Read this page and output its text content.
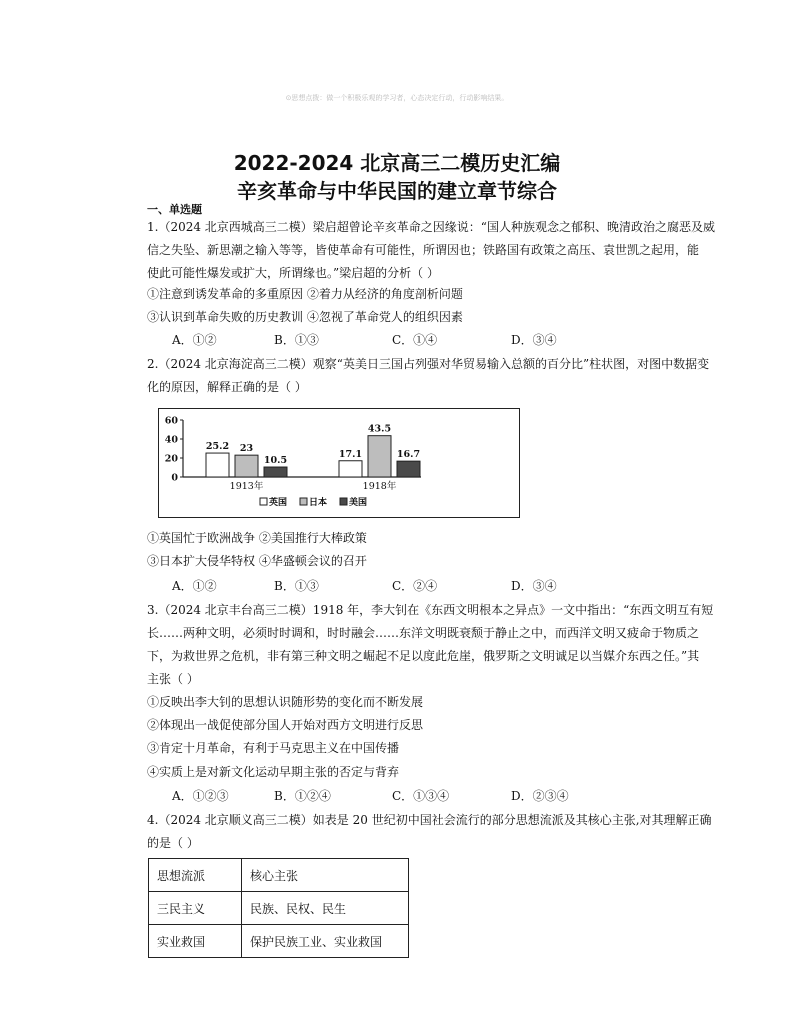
⊙思想点拨：做一个积极乐观的学习者，心态决定行动，行动影响结果。
2022-2024 北京高三二模历史汇编
辛亥革命与中华民国的建立章节综合
一、单选题
1.（2024 北京西城高三二模）梁启超曾论辛亥革命之因缘说：“国人种族观念之郁积、晚清政治之腐恶及威
信之失坠、新思潮之输入等等，皆使革命有可能性，所谓因也；铁路国有政策之高压、袁世凯之起用，能
使此可能性爆发或扩大，所谓缘也。”梁启超的分析（ ）
①注意到诱发革命的多重原因 ②着力从经济的角度剖析问题
③认识到革命失败的历史教训 ④忽视了革命党人的组织因素
A．①②	B．①③	C．①④	D．③④
2.（2024 北京海淀高三二模）观察“英美日三国占列强对华贸易输入总额的百分比”柱状图，对图中数据变
化的原因，解释正确的是（ ）
0
20
40
60
25.2 23
10.5
1913年
17.1
43.5
16.7
1918年
英国 日本 美国
①英国忙于欧洲战争 ②美国推行大棒政策
③日本扩大侵华特权 ④华盛顿会议的召开
A．①②	B．①③	C．②④	D．③④
3.（2024 北京丰台高三二模）1918 年，李大钊在《东西文明根本之异点》一文中指出：“东西文明互有短
长……两种文明，必须时时调和，时时融会……东洋文明既衰颓于静止之中，而西洋文明又疲命于物质之
下，为救世界之危机，非有第三种文明之崛起不足以度此危崖，俄罗斯之文明诚足以当媒介东西之任。”其
主张（ ）
①反映出李大钊的思想认识随形势的变化而不断发展
②体现出一战促使部分国人开始对西方文明进行反思
③肯定十月革命，有利于马克思主义在中国传播
④实质上是对新文化运动早期主张的否定与背弃
A．①②③	B．①②④	C．①③④	D．②③④
4.（2024 北京顺义高三二模）如表是 20 世纪初中国社会流行的部分思想流派及其核心主张,对其理解正确
的是（ ）
思想流派	核心主张
三民主义	民族、民权、民生
实业救国	保护民族工业、实业救国
